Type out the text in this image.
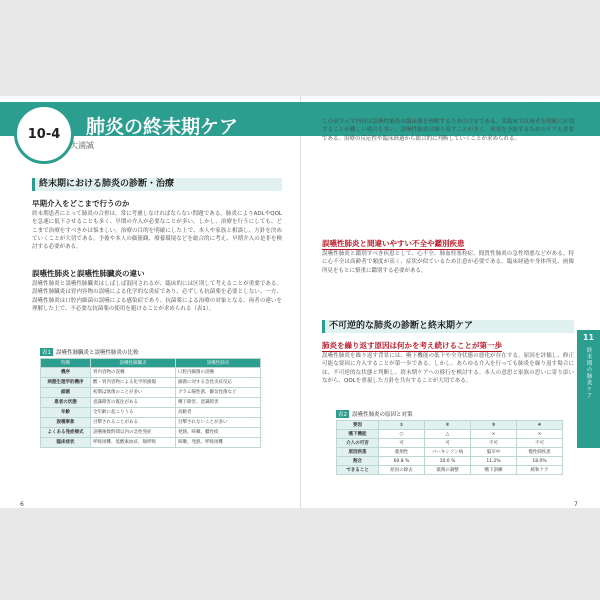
10-4	肺炎の終末期ケア
大浦誠
肺炎の終末期ケア
終末期における肺炎の診断・治療
早期介入をどこまで行うのか
終末期患者にとって肺炎の合併は、常に考慮しなければならない問題である。肺炎によりADLやQOLを急速に低下させることも多く、早期の介入が必要なことが多い。しかし、治療を行うにしても、どこまで治療をすべきかは悩ましい。治療の目的を明確にした上で、本人や家族と相談し、方針を決めていくことが大切である。予後や本人の価値観、療養環境などを総合的に考え、早期介入の是非を検討する必要がある。
誤嚥性肺炎と誤嚥性肺臓炎の違い
誤嚥性肺炎と誤嚥性肺臓炎はしばしば混同されるが、臨床的には区別して考えることが重要である。誤嚥性肺臓炎は胃内容物の誤嚥による化学的な炎症であり、必ずしも抗菌薬を必要としない。一方、誤嚥性肺炎は口腔内細菌の誤嚥による感染症であり、抗菌薬による治療の対象となる。両者の違いを理解した上で、不必要な抗菌薬の使用を避けることが求められる（表1）。
表1 誤嚥性肺臓炎と誤嚥性肺炎の比較
特徴	誤嚥性肺臓炎	誤嚥性肺炎
機序	胃内容物の誤嚥	口腔内細菌の誤嚥
病態生理学的機序	酸・胃内容物による化学的損傷	細菌に対する急性炎症反応
細菌	初期は無菌のことが多い	グラム陽性菌、嫌気性菌など
患者の状態	意識障害の既往がある	嚥下障害、意識障害
年齢	全年齢に起こりうる	高齢者
誤嚥事象	目撃されることがある	目撃されないことが多い
よくある発症様式	誤嚥後数時間以内の急性発症	発熱、咳嗽、膿性痰
臨床症状	呼吸困難、低酸素血症、頻呼吸	咳嗽、発熱、呼吸困難
6
この表で示す内容は誤嚥性肺炎の臨床像を理解するための目安である。実臨床では両者を明確に区別することが難しい場合も多い。誤嚥性肺炎は繰り返すことが多く、再発を予防するためのケアも重要である。治療の反応性や臨床経過から総合的に判断していくことが求められる。
誤嚥性肺炎と間違いやすい不全や鑑別疾患
誤嚥性肺炎と鑑別すべき疾患として、心不全、肺血栓塞栓症、間質性肺炎の急性増悪などがある。特に心不全は高齢者で頻度が高く、症状が似ているため注意が必要である。臨床経過や身体所見、画像所見をもとに慎重に鑑別する必要がある。
不可逆的な肺炎の診断と終末期ケア
肺炎を繰り返す原因は何かを考え続けることが第一歩
誤嚥性肺炎を繰り返す背景には、嚥下機能の低下や全身状態の悪化が存在する。原因を評価し、修正可能な要因に介入することが第一歩である。しかし、あらゆる介入を行っても肺炎を繰り返す場合には、不可逆的な状態と判断し、終末期ケアへの移行を検討する。本人の意思と家族の思いに寄り添いながら、QOLを重視した方針を共有することが大切である。
表2 誤嚥性肺炎の原因と対策
要因	①	②	③	④
嚥下機能	○	△	×	×
介入の可否	可	可	不可	不可
原因疾患	薬剤性	パーキンソン病	脳卒中	慢性肺疾患
割合	60.8 %	10.0 %	11.2%	18.0%
できること	原因の除去	薬剤の調整	嚥下訓練	緩和ケア
11
終末期の肺炎ケア
7
